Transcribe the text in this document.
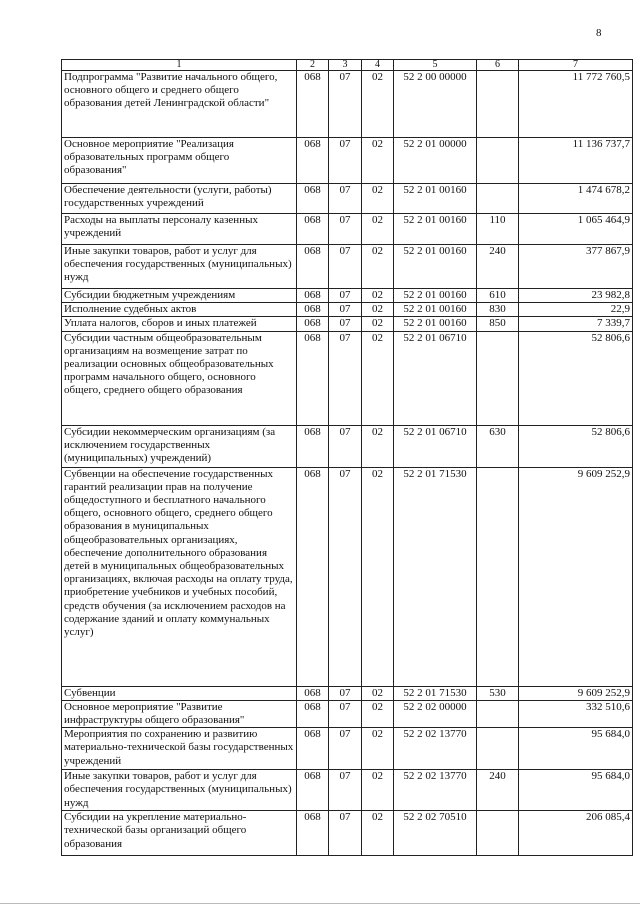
8
1	2	3	4	5	6	7
Подпрограмма "Развитие начального общего, основного общего и среднего общего образования детей Ленинградской области"	068	07	02	52 2 00 00000		11 772 760,5
Основное мероприятие "Реализация образовательных программ общего образования"	068	07	02	52 2 01 00000		11 136 737,7
Обеспечение деятельности (услуги, работы) государственных учреждений	068	07	02	52 2 01 00160		1 474 678,2
Расходы на выплаты персоналу казенных учреждений	068	07	02	52 2 01 00160	110	1 065 464,9
Иные закупки товаров, работ и услуг для обеспечения государственных (муниципальных) нужд	068	07	02	52 2 01 00160	240	377 867,9
Субсидии бюджетным учреждениям	068	07	02	52 2 01 00160	610	23 982,8
Исполнение судебных актов	068	07	02	52 2 01 00160	830	22,9
Уплата налогов, сборов и иных платежей	068	07	02	52 2 01 00160	850	7 339,7
Субсидии частным общеобразовательным организациям на возмещение затрат по реализации основных общеобразовательных программ начального общего, основного общего, среднего общего образования	068	07	02	52 2 01 06710		52 806,6
Субсидии некоммерческим организациям (за исключением государственных (муниципальных) учреждений)	068	07	02	52 2 01 06710	630	52 806,6
Субвенции на обеспечение государственных гарантий реализации прав на получение общедоступного и бесплатного начального общего, основного общего, среднего общего образования в муниципальных общеобразовательных организациях, обеспечение дополнительного образования детей в муниципальных общеобразовательных организациях, включая расходы на оплату труда, приобретение учебников и учебных пособий, средств обучения (за исключением расходов на содержание зданий и оплату коммунальных услуг)	068	07	02	52 2 01 71530		9 609 252,9
Субвенции	068	07	02	52 2 01 71530	530	9 609 252,9
Основное мероприятие "Развитие инфраструктуры общего образования"	068	07	02	52 2 02 00000		332 510,6
Мероприятия по сохранению и развитию материально-технической базы государственных учреждений	068	07	02	52 2 02 13770		95 684,0
Иные закупки товаров, работ и услуг для обеспечения государственных (муниципальных) нужд	068	07	02	52 2 02 13770	240	95 684,0
Субсидии на укрепление материально-технической базы организаций общего образования	068	07	02	52 2 02 70510		206 085,4
